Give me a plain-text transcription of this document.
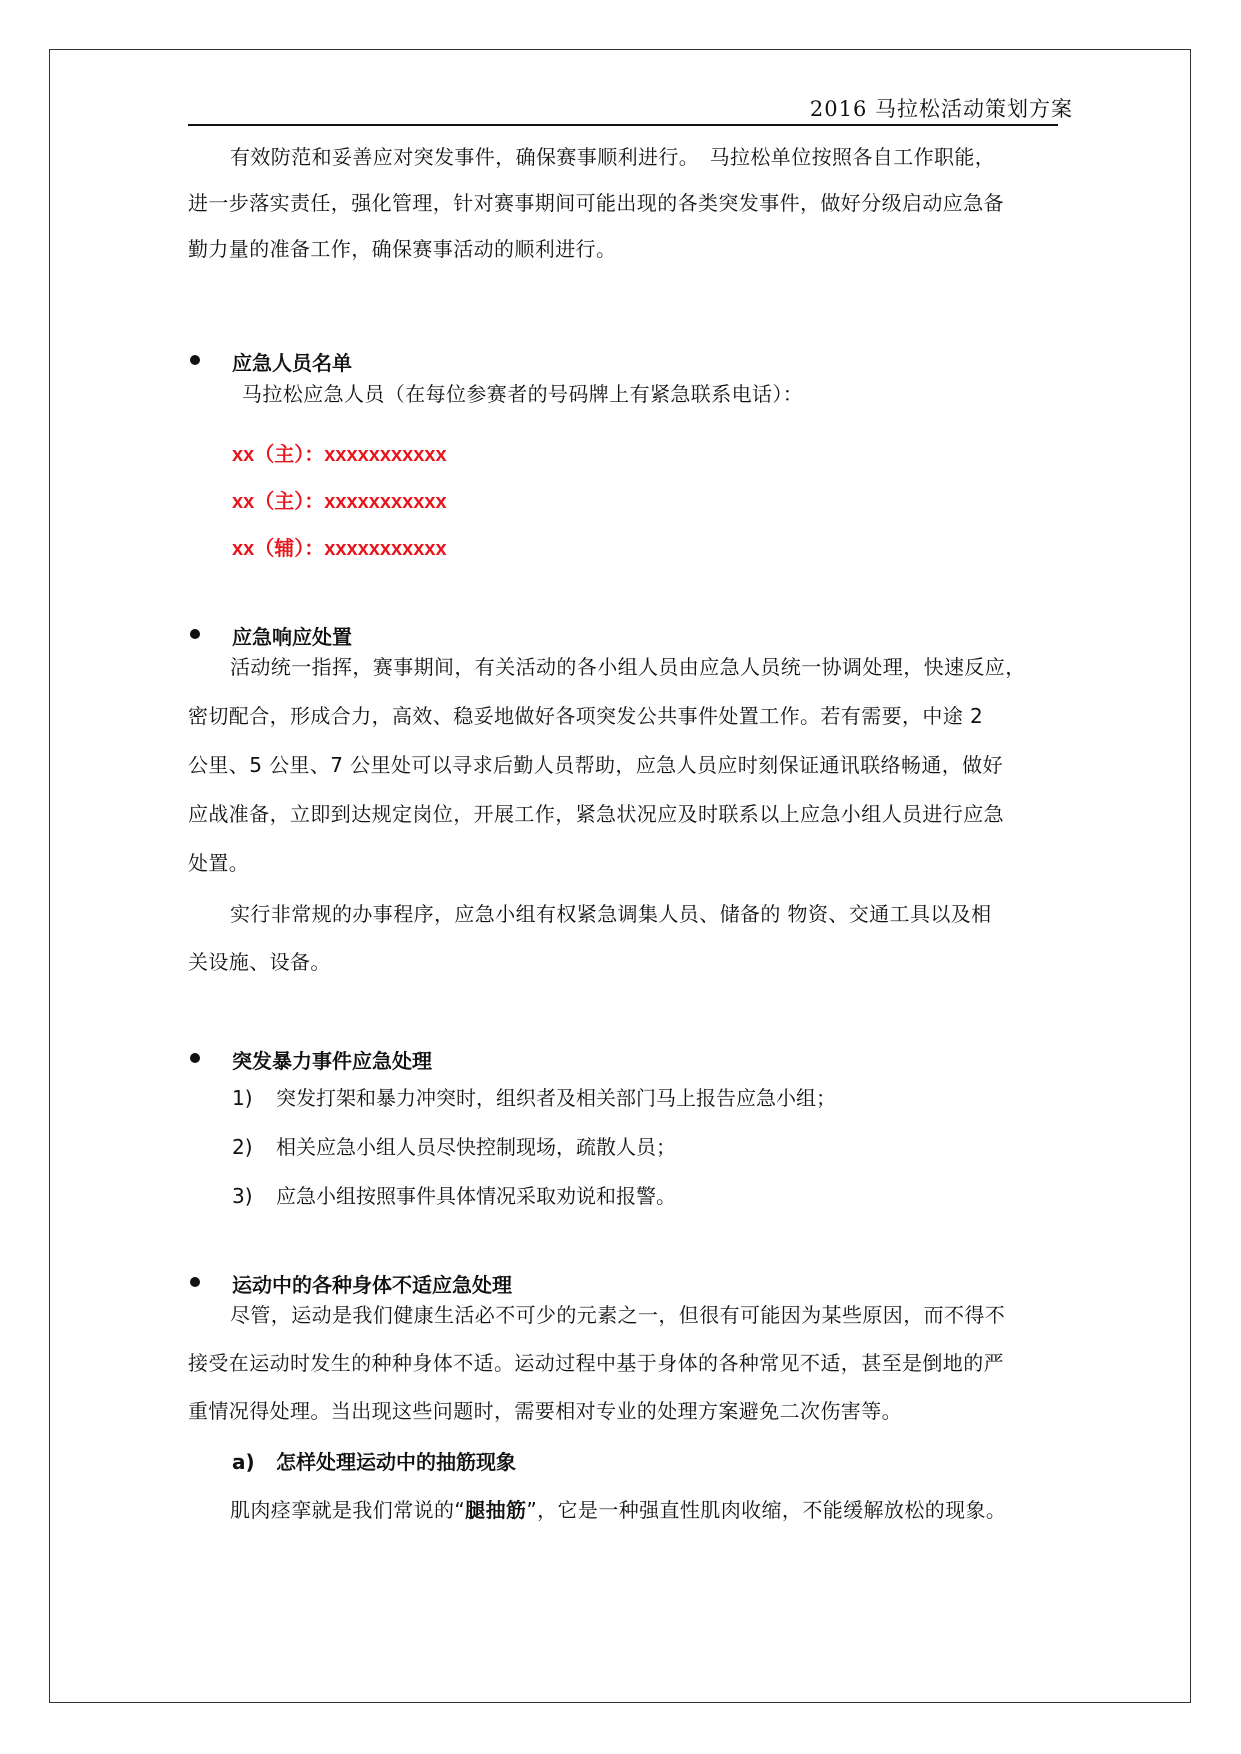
2016 马拉松活动策划方案
有效防范和妥善应对突发事件，确保赛事顺利进行。　马拉松单位按照各自工作职能，
进一步落实责任，强化管理，针对赛事期间可能出现的各类突发事件，做好分级启动应急备
勤力量的准备工作，确保赛事活动的顺利进行。
应急人员名单
马拉松应急人员（在每位参赛者的号码牌上有紧急联系电话）：
xx（主）：xxxxxxxxxxx
xx（主）：xxxxxxxxxxx
xx（辅）：xxxxxxxxxxx
应急响应处置
活动统一指挥，赛事期间，有关活动的各小组人员由应急人员统一协调处理，快速反应，
密切配合，形成合力，高效、稳妥地做好各项突发公共事件处置工作。若有需要，中途 2
公里、5 公里、7 公里处可以寻求后勤人员帮助，应急人员应时刻保证通讯联络畅通，做好
应战准备，立即到达规定岗位，开展工作，紧急状况应及时联系以上应急小组人员进行应急
处置。
实行非常规的办事程序，应急小组有权紧急调集人员、储备的 物资、交通工具以及相
关设施、设备。
突发暴力事件应急处理
1) 突发打架和暴力冲突时，组织者及相关部门马上报告应急小组；
2) 相关应急小组人员尽快控制现场，疏散人员；
3) 应急小组按照事件具体情况采取劝说和报警。
运动中的各种身体不适应急处理
尽管，运动是我们健康生活必不可少的元素之一，但很有可能因为某些原因，而不得不
接受在运动时发生的种种身体不适。运动过程中基于身体的各种常见不适，甚至是倒地的严
重情况得处理。当出现这些问题时，需要相对专业的处理方案避免二次伤害等。
a) 怎样处理运动中的抽筋现象
肌肉痉挛就是我们常说的“腿抽筋”，它是一种强直性肌肉收缩，不能缓解放松的现象。
